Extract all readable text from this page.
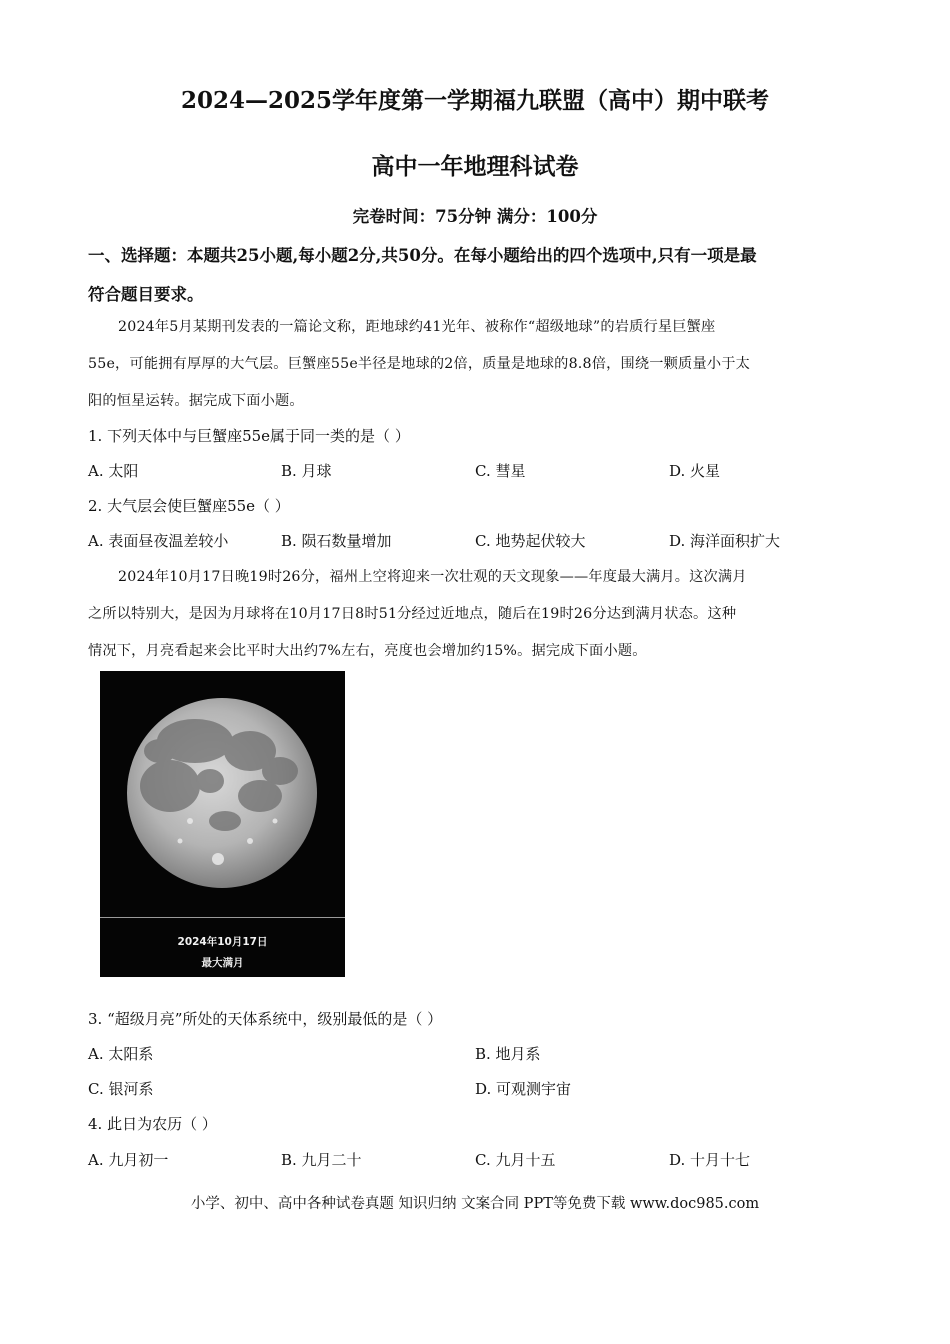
2024—2025学年度第一学期福九联盟（高中）期中联考
高中一年地理科试卷
完卷时间：75分钟 满分：100分
一、选择题：本题共25小题,每小题2分,共50分。在每小题给出的四个选项中,只有一项是最
符合题目要求。
2024年5月某期刊发表的一篇论文称，距地球约41光年、被称作“超级地球”的岩质行星巨蟹座
55e，可能拥有厚厚的大气层。巨蟹座55e半径是地球的2倍，质量是地球的8.8倍，围绕一颗质量小于太
阳的恒星运转。据完成下面小题。
1. 下列天体中与巨蟹座55e属于同一类的是（ ）
A. 太阳	B. 月球	C. 彗星	D. 火星
2. 大气层会使巨蟹座55e（ ）
A. 表面昼夜温差较小	B. 陨石数量增加	C. 地势起伏较大	D. 海洋面积扩大
2024年10月17日晚19时26分，福州上空将迎来一次壮观的天文现象——年度最大满月。这次满月
之所以特别大，是因为月球将在10月17日8时51分经过近地点，随后在19时26分达到满月状态。这种
情况下，月亮看起来会比平时大出约7%左右，亮度也会增加约15%。据完成下面小题。
2024年10月17日
最大满月
3. “超级月亮”所处的天体系统中，级别最低的是（ ）
A. 太阳系	B. 地月系
C. 银河系	D. 可观测宇宙
4. 此日为农历（ ）
A. 九月初一	B. 九月二十	C. 九月十五	D. 十月十七
小学、初中、高中各种试卷真题 知识归纳 文案合同 PPT等免费下载 www.doc985.com
